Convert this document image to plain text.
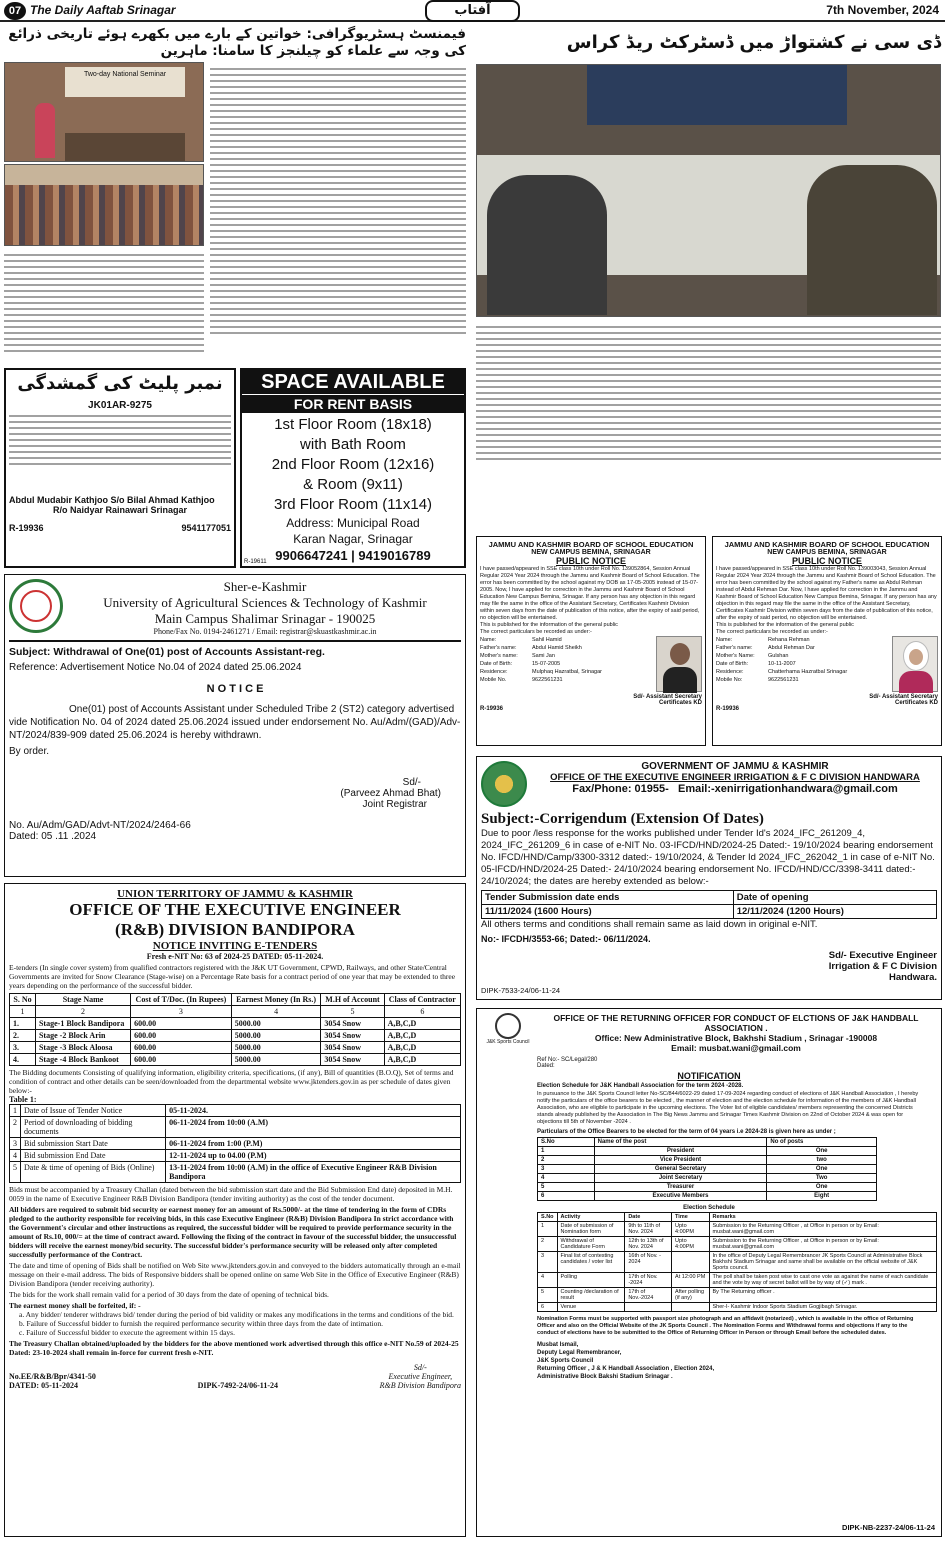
07 The Daily Aaftab Srinagar	آفتاب	7th November, 2024
فیمنسٹ ہسٹریوگرافی: خواتین کے بارے میں بکھرے ہوئے تاریخی ذرائع کی وجہ سے علماء کو چیلنجز کا سامنا: ماہرین
Two-day National Seminar
ڈی سی نے کشتواڑ میں ڈسٹرکٹ ریڈ کراس
نمبر پلیٹ کی گمشدگی
JK01AR-9275
Abdul Mudabir Kathjoo S/o Bilal Ahmad Kathjoo
R/o Naidyar Rainawari Srinagar
R-19936	9541177051
SPACE AVAILABLE
FOR RENT BASIS
1st Floor Room (18x18)
with Bath Room
2nd Floor Room (12x16)
& Room (9x11)
3rd Floor Room (11x14)
Address: Municipal Road
Karan Nagar, Srinagar
9906647241 | 9419016789
R-19611
Sher-e-Kashmir
University of Agricultural Sciences & Technology of Kashmir
Main Campus Shalimar Srinagar - 190025
Phone/Fax No. 0194-2461271 / Email: registrar@skuastkashmir.ac.in
Subject: Withdrawal of One(01) post of Accounts Assistant-reg.
Reference: Advertisement Notice No.04 of 2024 dated 25.06.2024
N O T I C E
One(01) post of Accounts Assistant under Scheduled Tribe 2 (ST2) category advertised vide Notification No. 04 of 2024 dated 25.06.2024 issued under endorsement No. Au/Adm/(GAD)/Adv-NT/2024/839-909 dated 25.06.2024 is hereby withdrawn.
By order.
Sd/-
(Parveez Ahmad Bhat)
Joint Registrar
No. Au/Adm/GAD/Advt-NT/2024/2464-66
Dated: 05 .11 .2024
UNION TERRITORY OF JAMMU & KASHMIR
OFFICE OF THE EXECUTIVE ENGINEER
(R&B) DIVISION BANDIPORA
NOTICE INVITING E-TENDERS
Fresh e-NIT No: 63 of 2024-25 DATED: 05-11-2024.
E-tenders (In single cover system) from qualified contractors registered with the J&K UT Government, CPWD, Railways, and other State/Central Governments are invited for Snow Clearance (Stage-wise) on a Percentage Rate basis for a contract period of one year that may be extended to three years depending on the performance of the successful bidder.
S. No	Stage Name	Cost of T/Doc. (In Rupees)	Earnest Money (In Rs.)	M.H of Account	Class of Contractor
1	2	3	4	5	6
1.	Stage-1 Block Bandipora	600.00	5000.00	3054 Snow	A,B,C,D
2.	Stage -2 Block Arin	600.00	5000.00	3054 Snow	A,B,C,D
3.	Stage -3 Block Aloosa	600.00	5000.00	3054 Snow	A,B,C,D
4.	Stage -4 Block Bankoot	600.00	5000.00	3054 Snow	A,B,C,D
The Bidding documents Consisting of qualifying information, eligibility criteria, specifications, (if any), Bill of quantities (B.O.Q), Set of terms and condition of contract and other details can be seen/downloaded from the departmental website www.jktenders.gov.in as per schedule of dates given below:-
Table 1:
1	Date of Issue of Tender Notice	05-11-2024.
2	Period of downloading of bidding documents	06-11-2024 from 10:00 (A.M)
3	Bid submission Start Date	06-11-2024 from 1:00 (P.M)
4	Bid submission End Date	12-11-2024 up to 04.00 (P.M)
5	Date & time of opening of Bids (Online)	13-11-2024 from 10:00 (A.M) in the office of Executive Engineer R&B Division Bandipora
Bids must be accompanied by a Treasury Challan (dated between the bid submission start date and the Bid Submission End date) deposited in M.H. 0059 in the name of Executive Engineer R&B Division Bandipora (tender inviting authority) as the cost of the tender document.
All bidders are required to submit bid security or earnest money for an amount of Rs.5000/- at the time of tendering in the form of CDRs pledged to the authority responsible for receiving bids, in this case Executive Engineer (R&B) Division Bandipora In strict accordance with the Government's circular and other instructions as required, the successful bidder will be required to provide performance security in the amount of Rs.10, 000/= at the time of contract award. Following the fixing of the contract in favour of the successful bidder, the unsuccessful bidders will receive the earnest money/bid security. The successful bidder's performance security will be released only after completed successfully performance of the Contract.
The date and time of opening of Bids shall be notified on Web Site www.jktenders.gov.in and conveyed to the bidders automatically through an e-mail message on their e-mail address. The bids of Responsive bidders shall be opened online on same Web Site in the Office of Executive Engineer (R&B) Division Bandipora (tender receiving authority).
The bids for the work shall remain valid for a period of 30 days from the date of opening of technical bids.
The earnest money shall be forfeited, if: -
a. Any bidder/ tenderer withdraws bid/ tender during the period of bid validity or makes any modifications in the terms and conditions of the bid.
b. Failure of Successful bidder to furnish the required performance security within three days from the date of intimation.
c. Failure of Successful bidder to execute the agreement within 15 days.
The Treasury Challan obtained/uploaded by the bidders for the above mentioned work advertised through this office e-NIT No.59 of 2024-25 Dated: 23-10-2024 shall remain in-force for current fresh e-NIT.
No.EE/R&B/Bpr/4341-50
DATED: 05-11-2024	DIPK-7492-24/06-11-24
Sd/-
Executive Engineer,
R&B Division Bandipora
JAMMU AND KASHMIR BOARD OF SCHOOL EDUCATION
NEW CAMPUS BEMINA, SRINAGAR
PUBLIC NOTICE
I have passed/appeared in SSE class 10th under Roll No. 139052864, Session Annual Regular 2024 Year 2024 through the Jammu and Kashmir Board of School Education. The error has been committed by the school against my DOB as 17-05-2005 instead of 15-07-2005. Now, I have applied for correction in the Jammu and Kashmir Board of School Education New Campus Bemina, Srinagar. If any person has any objection in this regard may file the same in the office of the Assistant Secretary, Certificates Kashmir Division within seven days from the date of publication of this notice, after the expiry of said period, no objection will be entertained.
This is published for the information of the general public
The correct particulars be recorded as under:-
Name:	Sahil Hamid
Father's name:	Abdul Hamid Sheikh
Mother's name:	Sami Jan
Date of Birth:	15-07-2005
Residence:	Mulphaq Hazratbal, Srinagar
Mobile No.	9622561231
Sd/- Assistant Secretary
Certificates KD
R-19936
JAMMU AND KASHMIR BOARD OF SCHOOL EDUCATION
NEW CAMPUS BEMINA, SRINAGAR
PUBLIC NOTICE
I have passed/appeared in SSE class 10th under Roll No. 139003043, Session Annual Regular 2024 Year 2024 through the Jammu and Kashmir Board of School Education. The error has been committed by the school against my Father's name as Abdul Rehman instead of Abdul Rehman Dar. Now, I have applied for correction in the Jammu and Kashmir Board of School Education New Campus Bemina, Srinagar. If any person has any objection in this regard may file the same in the office of the Assistant Secretary, Certificates Kashmir Division within seven days from the date of publication of this notice, after the expiry of said period, no objection will be entertained.
This is published for the information of the general public
The correct particulars be recorded as under:-
Name:	Rehana Rehman
Father's name:	Abdul Rehman Dar
Mother's Name: Gulshan
Date of Birth:	10-11-2007
Residence:	Chatterhama Hazratbal Srinagar
Mobile No:	9622561231
Sd/- Assistant Secretary
Certificates KD
R-19936
GOVERNMENT OF JAMMU & KASHMIR
OFFICE OF THE EXECUTIVE ENGINEER IRRIGATION & F C DIVISION HANDWARA
Fax/Phone: 01955- Email:-xenirrigationhandwara@gmail.com
Subject:-Corrigendum (Extension Of Dates)
Due to poor /less response for the works published under Tender Id's 2024_IFC_261209_4, 2024_IFC_261209_6 in case of e-NIT No. 03-IFCD/HND/2024-25 Dated:- 19/10/2024 bearing endorsement No. IFCD/HND/Camp/3300-3312 dated:- 19/10/2024, & Tender Id 2024_IFC_262042_1 in case of e-NIT No. 05-IFCD/HND/2024-25 Dated:- 24/10/2024 bearing endorsement No. IFCD/HND/CC/3398-3411 dated:- 24/10/2024; the dates are hereby extended as below:-
Tender Submission date ends	Date of opening
11/11/2024 (1600 Hours)	12/11/2024 (1200 Hours)
All others terms and conditions shall remain same as laid down in original e-NIT.
No:- IFCDH/3553-66; Dated:- 06/11/2024.
Sd/- Executive Engineer
Irrigation & F C Division
Handwara.
DIPK-7533-24/06-11-24
J&K Sports Council
OFFICE OF THE RETURNING OFFICER FOR CONDUCT OF ELCTIONS OF J&K HANDBALL ASSOCIATION .
Office: New Administrative Block, Bakhshi Stadium , Srinagar -190008
Email: musbat.wani@gmail.com
Ref No:- SC/Legal/280
Dated:
NOTIFICATION
Election Schedule for J&K Handball Association for the term 2024 -2028.
In pursuance to the J&K Sports Council letter No-SC/844/6022-29 dated 17-09-2024 regarding conduct of elections of J&K Handball Association , I hereby notify the particulars of the office bearers to be elected , the manner of election and the election schedule for information of the members of J&K Handball Association, who are eligible to participate in the upcoming elections. The Voter list of eligible candidates/ members representing the concerned Districts stands already published by the Association in The Big News Jammu and Srinagar Times Kashmir Division on 22nd of October 2024 & was open for objections till 5th of November -2024 .
Particulars of the Office Bearers to be elected for the term of 04 years i.e 2024-28 is given here as under ;
S.No	Name of the post	No of posts
1	President	One
2	Vice President	two
3	General Secretary	One
4	Joint Secretary	Two
5	Treasurer	One
6	Executive Members	Eight
Election Schedule
S.No	Activity	Date	Time	Remarks
1	Date of submission of Nomination form	9th to 11th of Nov. 2024	Upto 4:00PM	Submission to the Returning Officer , at Office in person or by Email: musbat.wani@gmail.com
2	Withdrawal of Candidature Form	12th to 13th of Nov. 2024	Upto 4:00PM	Submission to the Returning Officer , at Office in person or by Email: musbat.wani@gmail.com
3	Final list of contesting candidates / voter list	16th of Nov. - 2024		In the office of Deputy Legal Remembrancer JK Sports Council at Administrative Block Bakhshi Stadium Srinagar and same shall be available on the official website of J&K Sports council.
4	Polling	17th of Nov. -2024	At 12:00 PM	The poll shall be taken post wise to cast one vote as against the name of each candidate and the vote by way of secret ballot will be by way of (✓) mark .
5	Counting /declaration of result	17th of Nov.-2024	After polling (if any)	By The Returning officer .
6	Venue			Sher-I- Kashmir Indoor Sports Stadium Gogjibagh Srinagar.
Nomination Forms must be supported with passport size photograph and an affidavit (notarized) , which is available in the office of Returning Officer and also on the Official Website of the JK Sports Council . The Nomination Forms and Withdrawal forms and objections if any to the conduct of elections have to be submitted to the Office of Returning Officer in Person or through Email before the scheduled dates.
Musbat Ismail,
Deputy Legal Remembrancer,
J&K Sports Council
Returning Officer , J & K Handball Association , Election 2024,
Administrative Block Bakshi Stadium Srinagar .
DIPK-NB-2237-24/06-11-24
